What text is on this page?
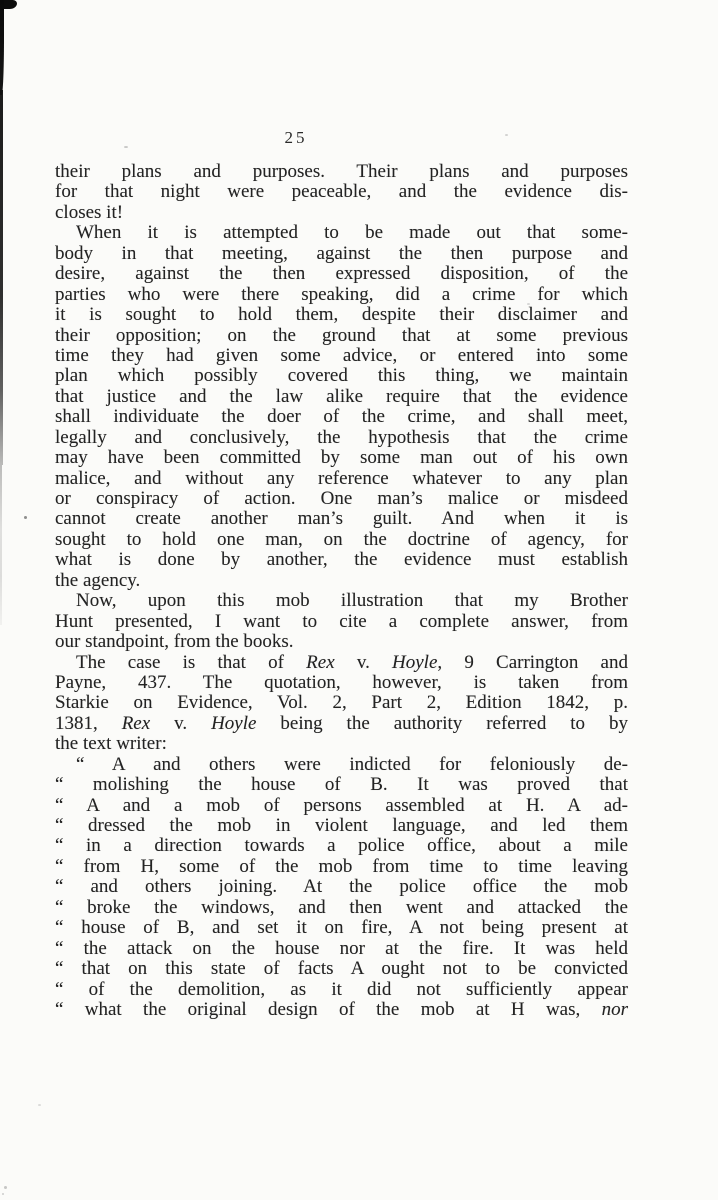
25
their plans and purposes. Their plans and purposes
for that night were peaceable, and the evidence dis-
closes it!
When it is attempted to be made out that some-
body in that meeting, against the then purpose and
desire, against the then expressed disposition, of the
parties who were there speaking, did a crime for which
it is sought to hold them, despite their disclaimer and
their opposition; on the ground that at some previous
time they had given some advice, or entered into some
plan which possibly covered this thing, we maintain
that justice and the law alike require that the evidence
shall individuate the doer of the crime, and shall meet,
legally and conclusively, the hypothesis that the crime
may have been committed by some man out of his own
malice, and without any reference whatever to any plan
or conspiracy of action. One man’s malice or misdeed
cannot create another man’s guilt. And when it is
sought to hold one man, on the doctrine of agency, for
what is done by another, the evidence must establish
the agency.
Now, upon this mob illustration that my Brother
Hunt presented, I want to cite a complete answer, from
our standpoint, from the books.
The case is that of Rex v. Hoyle, 9 Carrington and
Payne, 437. The quotation, however, is taken from
Starkie on Evidence, Vol. 2, Part 2, Edition 1842, p.
1381, Rex v. Hoyle being the authority referred to by
the text writer:
“ A and others were indicted for feloniously de-
“ molishing the house of B. It was proved that
“ A and a mob of persons assembled at H. A ad-
“ dressed the mob in violent language, and led them
“ in a direction towards a police office, about a mile
“ from H, some of the mob from time to time leaving
“ and others joining. At the police office the mob
“ broke the windows, and then went and attacked the
“ house of B, and set it on fire, A not being present at
“ the attack on the house nor at the fire. It was held
“ that on this state of facts A ought not to be convicted
“ of the demolition, as it did not sufficiently appear
“ what the original design of the mob at H was, nor
